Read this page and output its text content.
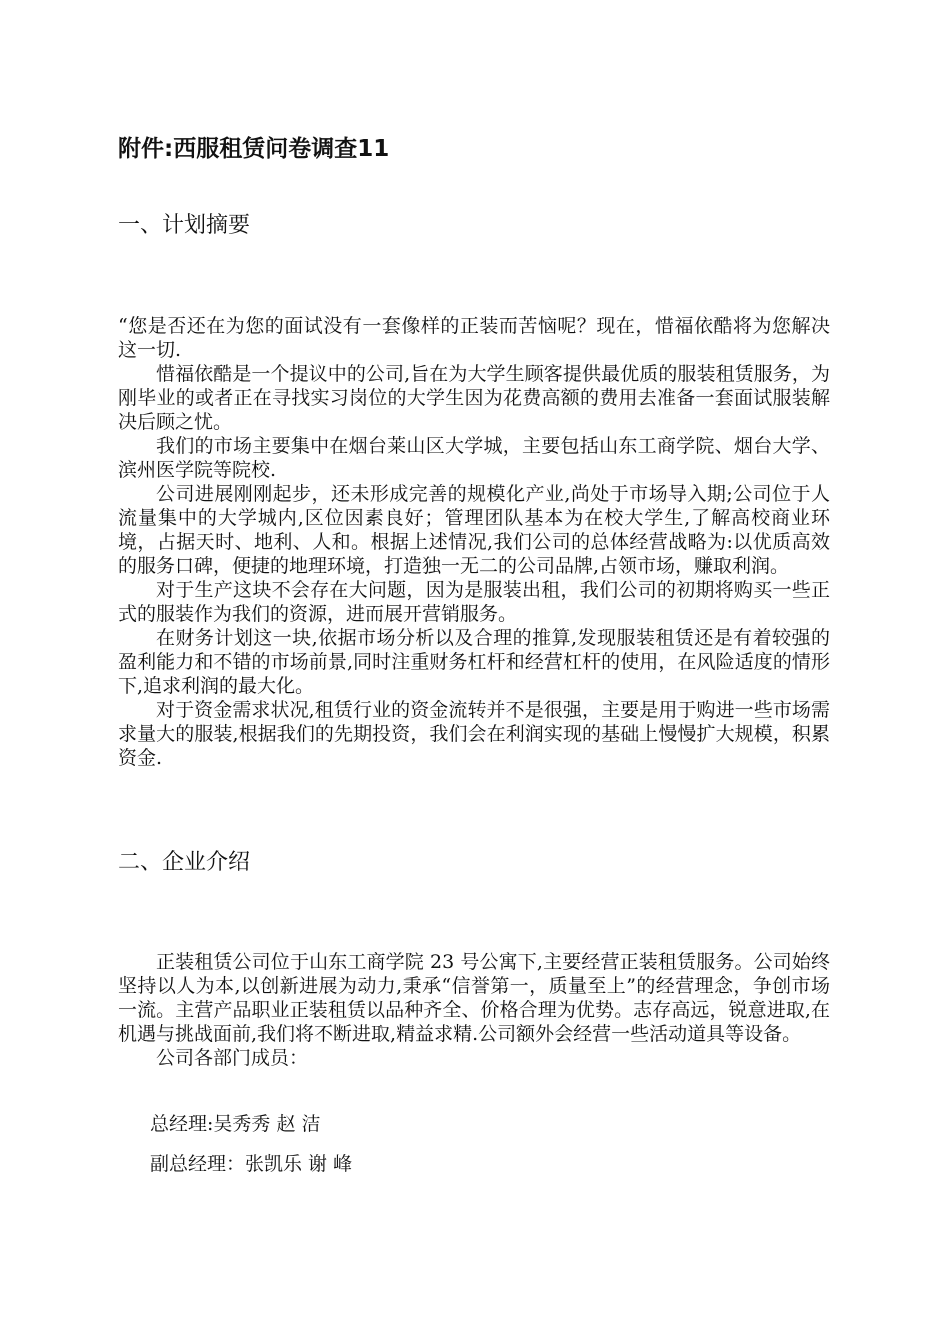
附件:西服租赁问卷调查11
一、计划摘要

“您是否还在为您的面试没有一套像样的正装而苦恼呢？现在，惜福依酷将为您解决这一切.

惜福依酷是一个提议中的公司,旨在为大学生顾客提供最优质的服装租赁服务，为刚毕业的或者正在寻找实习岗位的大学生因为花费高额的费用去准备一套面试服装解决后顾之忧。

我们的市场主要集中在烟台莱山区大学城，主要包括山东工商学院、烟台大学、滨州医学院等院校.

公司进展刚刚起步，还未形成完善的规模化产业,尚处于市场导入期;公司位于人流量集中的大学城内,区位因素良好；管理团队基本为在校大学生,了解高校商业环境，占据天时、地利、人和。根据上述情况,我们公司的总体经营战略为:以优质高效的服务口碑，便捷的地理环境，打造独一无二的公司品牌,占领市场，赚取利润。

对于生产这块不会存在大问题，因为是服装出租，我们公司的初期将购买一些正式的服装作为我们的资源，进而展开营销服务。

在财务计划这一块,依据市场分析以及合理的推算,发现服装租赁还是有着较强的盈利能力和不错的市场前景,同时注重财务杠杆和经营杠杆的使用，在风险适度的情形下,追求利润的最大化。

对于资金需求状况,租赁行业的资金流转并不是很强，主要是用于购进一些市场需求量大的服装,根据我们的先期投资，我们会在利润实现的基础上慢慢扩大规模，积累资金.

二、企业介绍

正装租赁公司位于山东工商学院 23 号公寓下,主要经营正装租赁服务。公司始终坚持以人为本,以创新进展为动力,秉承“信誉第一，质量至上”的经营理念，争创市场一流。主营产品职业正装租赁以品种齐全、价格合理为优势。志存高远，锐意进取,在机遇与挑战面前,我们将不断进取,精益求精.公司额外会经营一些活动道具等设备。

公司各部门成员：

总经理:吴秀秀 赵 洁
副总经理：张凯乐 谢 峰
